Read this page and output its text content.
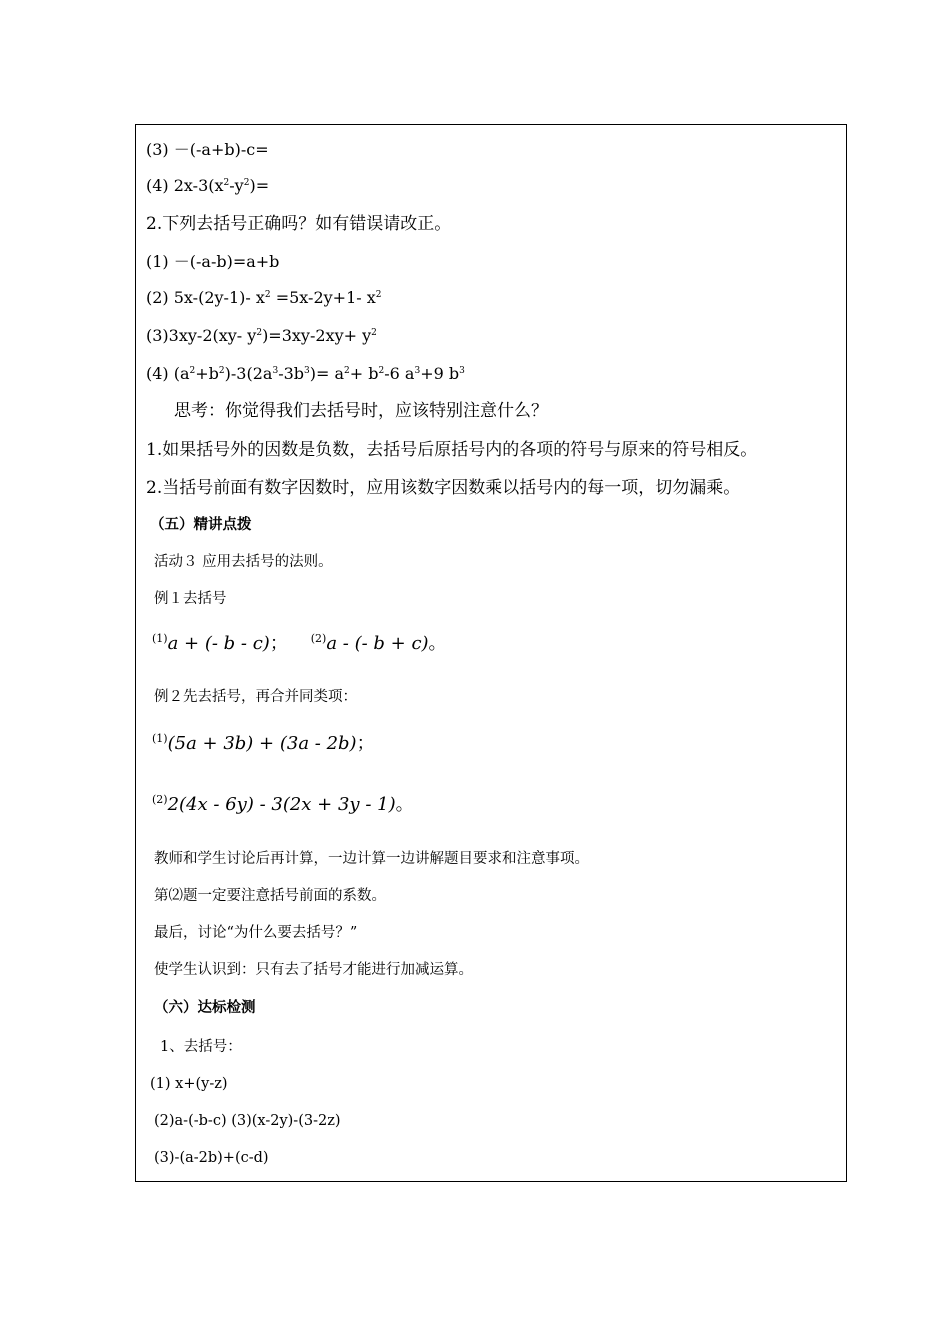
(3) －(-a+b)-c=
(4) $2x-3(x^2-y^2)=$
2.下列去括号正确吗？如有错误请改正。
(1) －(-a-b)=a+b
(2) 5x-(2y-1)- $x^2 =5x-2y+1-$ $x^2$
(3)3xy-2(xy- $y^2)=3xy-2xy+ y^2$
(4) $(a^2+b^2)-3(2a^3-3b^3)= a^2+ b^2-6$ $a^3+9$ $b^3$
思考：你觉得我们去括号时，应该特别注意什么？
1.如果括号外的因数是负数，去括号后原括号内的各项的符号与原来的符号相反。
2.当括号前面有数字因数时，应用该数字因数乘以括号内的每一项，切勿漏乘。
（五）精讲点拨
活动３ 应用去括号的法则。
例１去括号
$^{(1)}$a + (- b - c)； $^{(2)}$a - (- b + c)。
例２先去括号，再合并同类项：
$^{(1)}$(5a + 3b) + (3a - 2b)；
$^{(2)}$2(4x - 6y) - 3(2x + 3y - 1)。
教师和学生讨论后再计算，一边计算一边讲解题目要求和注意事项。
第⑵题一定要注意括号前面的系数。
最后，讨论“为什么要去括号？”
使学生认识到：只有去了括号才能进行加减运算。
（六）达标检测
1、去括号：
(1) x+(y-z)
(2)a-(-b-c) (3)(x-2y)-(3-2z)
(3)-(a-2b)+(c-d)
